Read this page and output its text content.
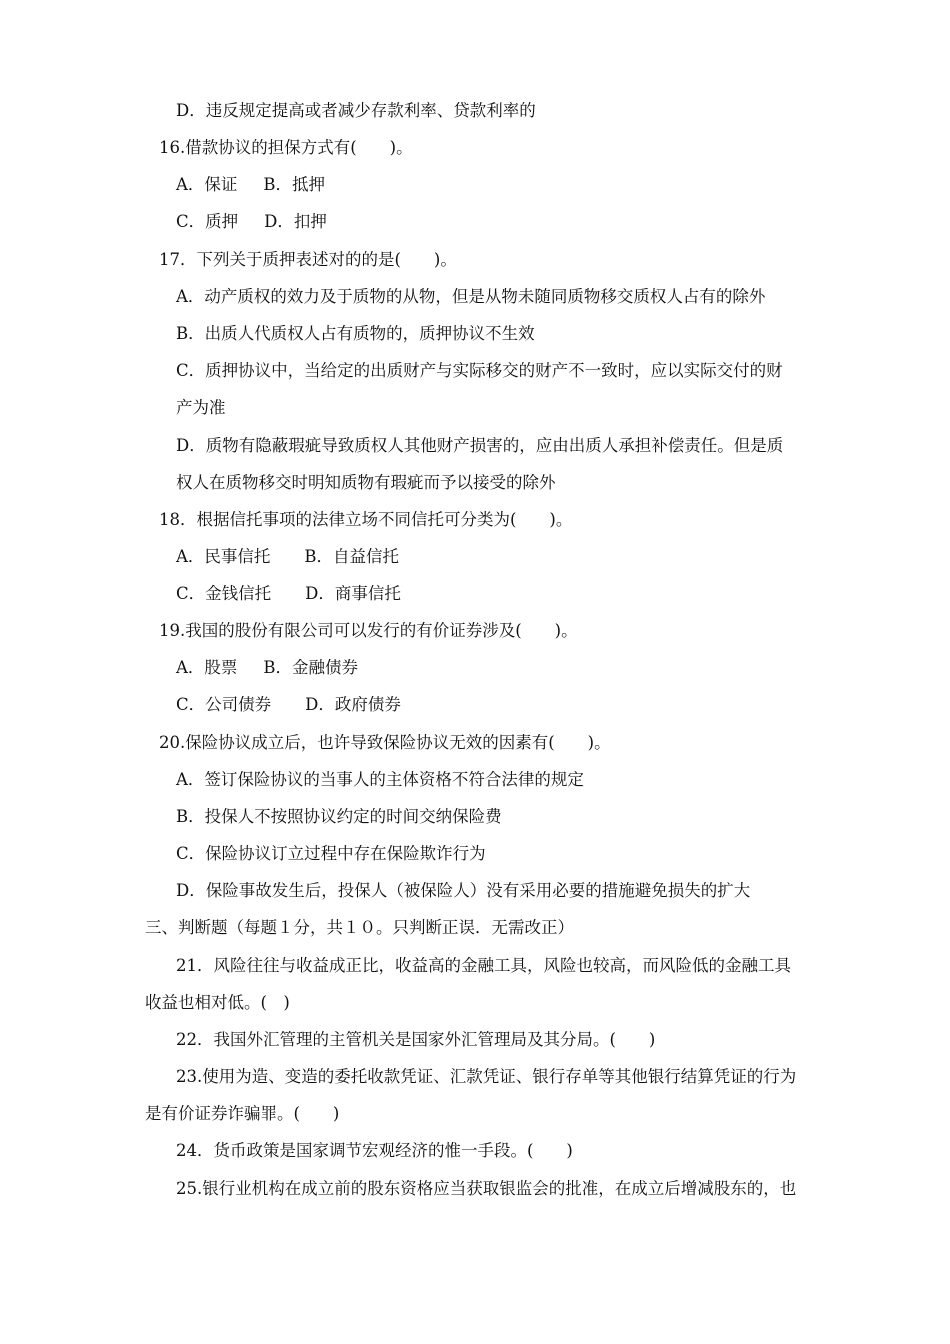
D．违反规定提高或者减少存款利率、贷款利率的

16.借款协议的担保方式有(　　)。

A．保证 B．抵押

C．质押 D．扣押

17．下列关于质押表述对的的是(　　)。

A．动产质权的效力及于质物的从物，但是从物未随同质物移交质权人占有的除外

B．出质人代质权人占有质物的，质押协议不生效

C．质押协议中，当给定的出质财产与实际移交的财产不一致时，应以实际交付的财

产为准

D．质物有隐蔽瑕疵导致质权人其他财产损害的，应由出质人承担补偿责任。但是质

权人在质物移交时明知质物有瑕疵而予以接受的除外

18．根据信托事项的法律立场不同信托可分类为(　　)。

A．民事信托 B．自益信托

C．金钱信托 D．商事信托

19.我国的股份有限公司可以发行的有价证券涉及(　　)。

A．股票 B．金融债券

C．公司债券 D．政府债券

20.保险协议成立后，也许导致保险协议无效的因素有(　　)。

A．签订保险协议的当事人的主体资格不符合法律的规定

B．投保人不按照协议约定的时间交纳保险费

C．保险协议订立过程中存在保险欺诈行为

D．保险事故发生后，投保人（被保险人）没有采用必要的措施避免损失的扩大

三、判断题（每题１分，共１０。只判断正误．无需改正）

21．风险往往与收益成正比，收益高的金融工具，风险也较高，而风险低的金融工具

收益也相对低。(　)

22．我国外汇管理的主管机关是国家外汇管理局及其分局。(　　)

23.使用为造、变造的委托收款凭证、汇款凭证、银行存单等其他银行结算凭证的行为

是有价证券诈骗罪。(　　)

24．货币政策是国家调节宏观经济的惟一手段。(　　)

25.银行业机构在成立前的股东资格应当获取银监会的批准，在成立后增减股东的，也
